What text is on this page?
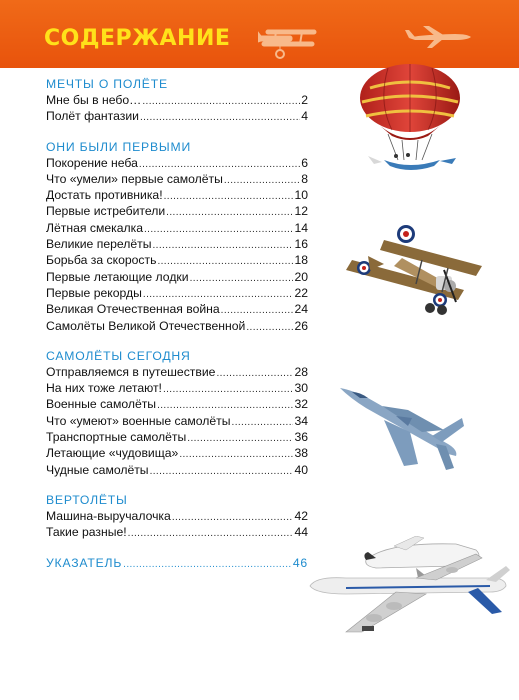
СОДЕРЖАНИЕ
МЕЧТЫ О ПОЛЁТЕ
Мне бы в небо… .....	2
Полёт фантазии .....	4
ОНИ БЫЛИ ПЕРВЫМИ
Покорение неба .....	6
Что «умели» первые самолёты .....	8
Достать противника! .....	10
Первые истребители .....	12
Лётная смекалка .....	14
Великие перелёты .....	16
Борьба за скорость .....	18
Первые летающие лодки .....	20
Первые рекорды .....	22
Великая Отечественная война .....	24
Самолёты Великой Отечественной .....	26
САМОЛЁТЫ СЕГОДНЯ
Отправляемся в путешествие .....	28
На них тоже летают! .....	30
Военные самолёты .....	32
Что «умеют» военные самолёты .....	34
Транспортные самолёты .....	36
Летающие «чудовища» .....	38
Чудные самолёты .....	40
ВЕРТОЛЁТЫ
Машина-выручалочка .....	42
Такие разные! .....	44
УКАЗАТЕЛЬ .....	46
